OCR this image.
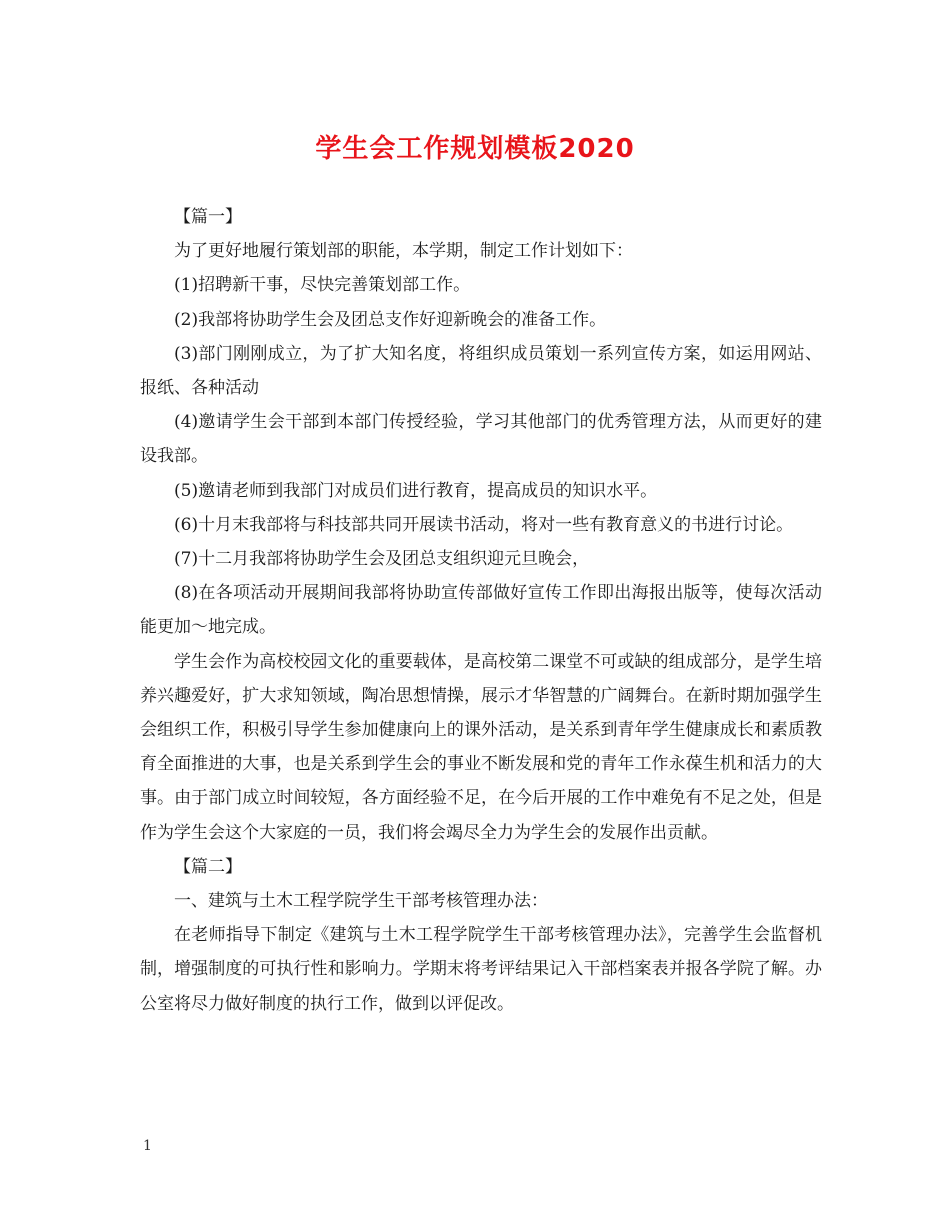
学生会工作规划模板2020

【篇一】

为了更好地履行策划部的职能，本学期，制定工作计划如下：

(1)招聘新干事，尽快完善策划部工作。

(2)我部将协助学生会及团总支作好迎新晚会的准备工作。

(3)部门刚刚成立，为了扩大知名度，将组织成员策划一系列宣传方案，如运用网站、报纸、各种活动

(4)邀请学生会干部到本部门传授经验，学习其他部门的优秀管理方法，从而更好的建设我部。

(5)邀请老师到我部门对成员们进行教育，提高成员的知识水平。

(6)十月末我部将与科技部共同开展读书活动，将对一些有教育意义的书进行讨论。

(7)十二月我部将协助学生会及团总支组织迎元旦晚会，

(8)在各项活动开展期间我部将协助宣传部做好宣传工作即出海报出版等，使每次活动能更加～地完成。

学生会作为高校校园文化的重要载体，是高校第二课堂不可或缺的组成部分，是学生培养兴趣爱好，扩大求知领域，陶冶思想情操，展示才华智慧的广阔舞台。在新时期加强学生会组织工作，积极引导学生参加健康向上的课外活动，是关系到青年学生健康成长和素质教育全面推进的大事，也是关系到学生会的事业不断发展和党的青年工作永葆生机和活力的大事。由于部门成立时间较短，各方面经验不足，在今后开展的工作中难免有不足之处，但是作为学生会这个大家庭的一员，我们将会竭尽全力为学生会的发展作出贡献。

【篇二】

一、建筑与土木工程学院学生干部考核管理办法：

在老师指导下制定《建筑与土木工程学院学生干部考核管理办法》，完善学生会监督机制，增强制度的可执行性和影响力。学期末将考评结果记入干部档案表并报各学院了解。办公室将尽力做好制度的执行工作，做到以评促改。

1
